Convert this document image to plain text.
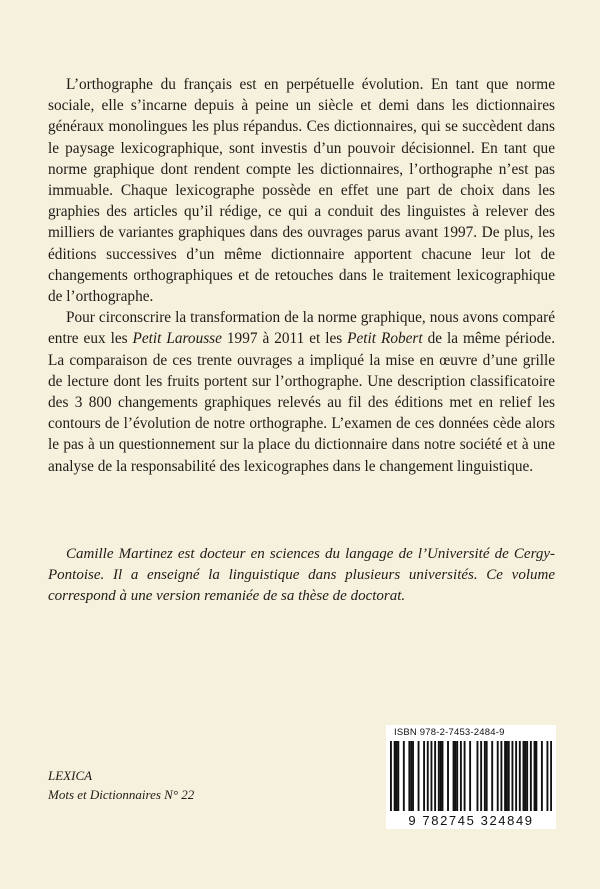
L’orthographe du français est en perpétuelle évolution. En tant que norme sociale, elle s’incarne depuis à peine un siècle et demi dans les dictionnaires généraux monolingues les plus répandus. Ces dictionnaires, qui se succèdent dans le paysage lexicographique, sont investis d’un pouvoir décisionnel. En tant que norme graphique dont rendent compte les dictionnaires, l’orthographe n’est pas immuable. Chaque lexicographe possède en effet une part de choix dans les graphies des articles qu’il rédige, ce qui a conduit des linguistes à relever des milliers de variantes graphiques dans des ouvrages parus avant 1997. De plus, les éditions successives d’un même dictionnaire apportent chacune leur lot de changements orthographiques et de retouches dans le traitement lexicographique de l’orthographe.

Pour circonscrire la transformation de la norme graphique, nous avons comparé entre eux les Petit Larousse 1997 à 2011 et les Petit Robert de la même période. La comparaison de ces trente ouvrages a impliqué la mise en œuvre d’une grille de lecture dont les fruits portent sur l’orthographe. Une description classificatoire des 3 800 changements graphiques relevés au fil des éditions met en relief les contours de l’évolution de notre orthographe. L’examen de ces données cède alors le pas à un questionnement sur la place du dictionnaire dans notre société et à une analyse de la responsabilité des lexicographes dans le changement linguistique.

Camille Martinez est docteur en sciences du langage de l’Université de Cergy-Pontoise. Il a enseigné la linguistique dans plusieurs universités. Ce volume correspond à une version remaniée de sa thèse de doctorat.

ISBN 978-2-7453-2484-9
9 782745 324849
LEXICA
Mots et Dictionnaires N° 22
